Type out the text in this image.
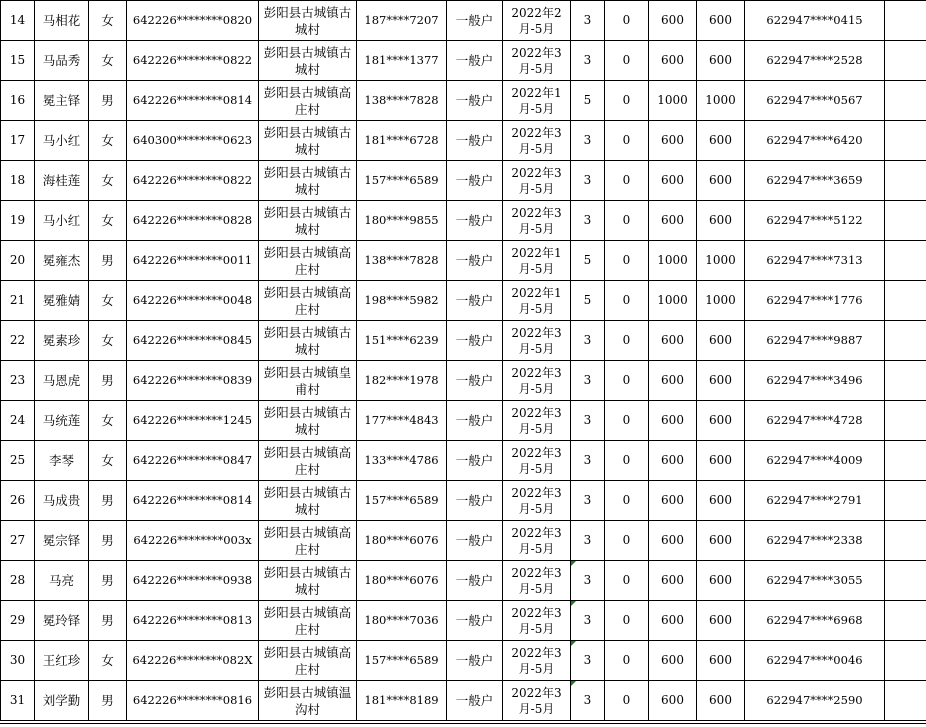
14	马相花	女	642226********0820	彭阳县古城镇古城村	187****7207	一般户	2022年2月-5月	3	0	600	600	622947****0415	
15	马品秀	女	642226********0822	彭阳县古城镇古城村	181****1377	一般户	2022年3月-5月	3	0	600	600	622947****2528	
16	冕主铎	男	642226********0814	彭阳县古城镇高庄村	138****7828	一般户	2022年1月-5月	5	0	1000	1000	622947****0567	
17	马小红	女	640300********0623	彭阳县古城镇古城村	181****6728	一般户	2022年3月-5月	3	0	600	600	622947****6420	
18	海桂莲	女	642226********0822	彭阳县古城镇古城村	157****6589	一般户	2022年3月-5月	3	0	600	600	622947****3659	
19	马小红	女	642226********0828	彭阳县古城镇古城村	180****9855	一般户	2022年3月-5月	3	0	600	600	622947****5122	
20	冕雍杰	男	642226********0011	彭阳县古城镇高庄村	138****7828	一般户	2022年1月-5月	5	0	1000	1000	622947****7313	
21	冕雅婧	女	642226********0048	彭阳县古城镇高庄村	198****5982	一般户	2022年1月-5月	5	0	1000	1000	622947****1776	
22	冕素珍	女	642226********0845	彭阳县古城镇古城村	151****6239	一般户	2022年3月-5月	3	0	600	600	622947****9887	
23	马恩虎	男	642226********0839	彭阳县古城镇皇甫村	182****1978	一般户	2022年3月-5月	3	0	600	600	622947****3496	
24	马统莲	女	642226********1245	彭阳县古城镇古城村	177****4843	一般户	2022年3月-5月	3	0	600	600	622947****4728	
25	李琴	女	642226********0847	彭阳县古城镇高庄村	133****4786	一般户	2022年3月-5月	3	0	600	600	622947****4009	
26	马成贵	男	642226********0814	彭阳县古城镇古城村	157****6589	一般户	2022年3月-5月	3	0	600	600	622947****2791	
27	冕宗铎	男	642226********003x	彭阳县古城镇高庄村	180****6076	一般户	2022年3月-5月	3	0	600	600	622947****2338	
28	马亮	男	642226********0938	彭阳县古城镇古城村	180****6076	一般户	2022年3月-5月	3	0	600	600	622947****3055	
29	冕玲铎	男	642226********0813	彭阳县古城镇高庄村	180****7036	一般户	2022年3月-5月	3	0	600	600	622947****6968	
30	王红珍	女	642226********082X	彭阳县古城镇高庄村	157****6589	一般户	2022年3月-5月	3	0	600	600	622947****0046	
31	刘学勤	男	642226********0816	彭阳县古城镇温沟村	181****8189	一般户	2022年3月-5月	3	0	600	600	622947****2590	
